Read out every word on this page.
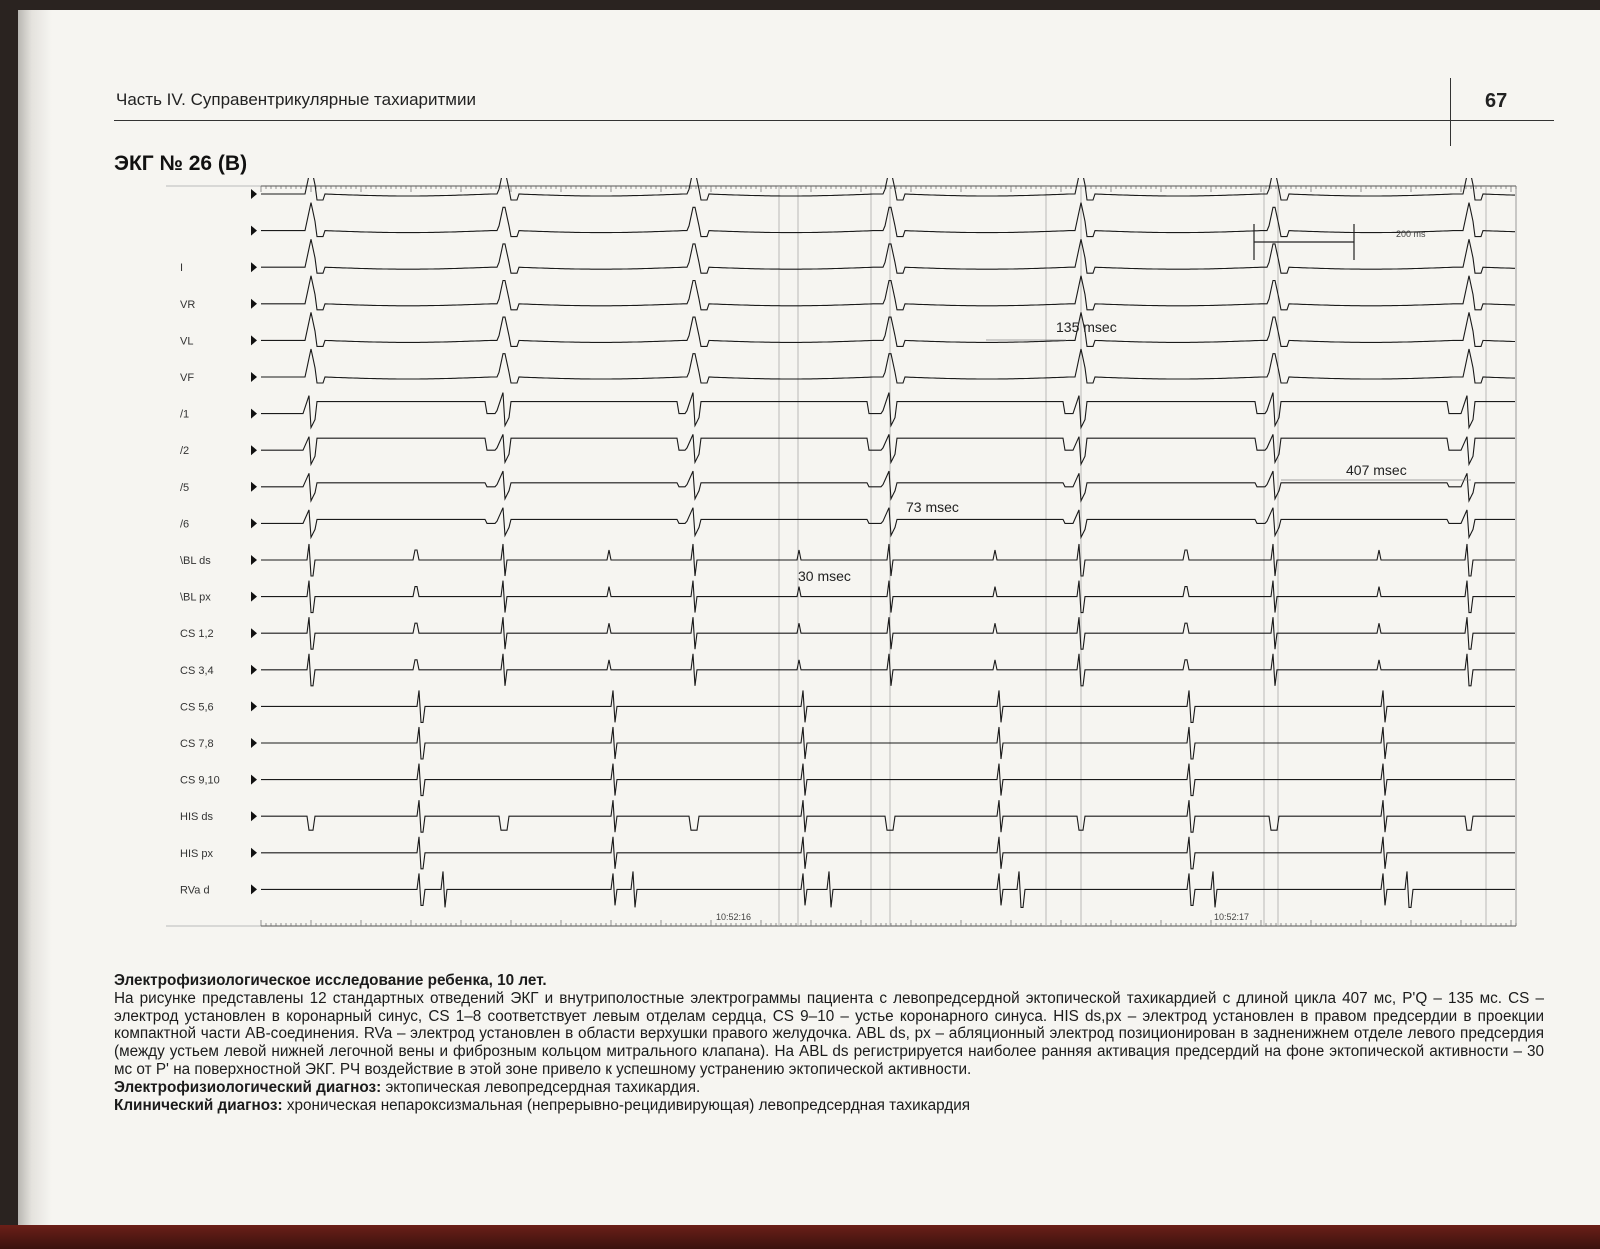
Часть IV. Суправентрикулярные тахиаритмии	67
ЭКГ № 26 (B)
I
VR
VL
VF
/1
/2
/5
/6
\BL ds
\BL px
CS 1,2
CS 3,4
CS 5,6
CS 7,8
CS 9,10
HIS ds
HIS px
RVa d
200 ms
135 msec
407 msec
73 msec
30 msec
10:52:16	10:52:17

Электрофизиологическое исследование ребенка, 10 лет.

На рисунке представлены 12 стандартных отведений ЭКГ и внутриполостные электрограммы пациента с левопредсердной эктопической тахикардией с длиной цикла 407 мс, P'Q – 135 мс. CS – электрод установлен в коронарный синус, CS 1–8 соответствует левым отделам сердца, CS 9–10 – устье коронарного синуса. HIS ds,px – электрод установлен в правом предсердии в проекции компактной части АВ-соединения. RVa – электрод установлен в области верхушки правого желудочка. ABL ds, px – абляционный электрод позиционирован в задненижнем отделе левого предсердия (между устьем левой нижней легочной вены и фиброзным кольцом митрального клапана). На ABL ds регистрируется наиболее ранняя активация предсердий на фоне эктопической активности – 30 мс от P' на поверхностной ЭКГ. РЧ воздействие в этой зоне привело к успешному устранению эктопической активности.

Электрофизиологический диагноз: эктопическая левопредсердная тахикардия.

Клинический диагноз: хроническая непароксизмальная (непрерывно-рецидивирующая) левопредсердная тахикардия
